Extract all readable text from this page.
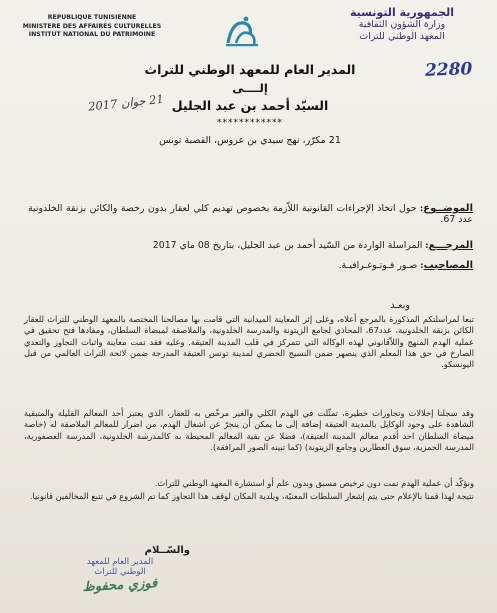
REPUBLIQUE TUNISIENNE
MINISTERE DES AFFAIRES CULTURELLES
INSTITUT NATIONAL DU PATRIMOINE
الجمهورية التونسية
وزارة الشؤون الثقافية
المعهد الوطني للتراث
2280
21 جوان 2017
المدير العام للمعهد الوطني للتراث
إلــــى
السيّد أحمد بن عبد الجليل
************
21 مكرّر، نهج سيدي بن عروس، القصبة تونس
الموضــوع: حول اتخاذ الإجراءات القانونية اللاّزمة بخصوص تهديم كلي لعقار بدون رخصة والكائن بزنقة الخلدونية عدد 67.
المرجـــع: المراسلة الواردة من السّيد أحمد بن عبد الجليل، بتاريخ 08 ماي 2017
المصاحيب: صـور فـوتـوغـرافيـة.
وبعـد
تبعا لمراسلتكم المذكورة بالمرجع أعلاه، وعلى إثر المعاينة الميدانية التي قامت بها مصالحنا المختصة بالمعهد الوطني للتراث للعقار الكائن بزنقة الخلدونية، عدد67، المحاذي لجامع الزيتونة والمدرسة الخلدونية، والملاصقة لميضاة السلطان، ومفادها فتح تحقيق في عملية الهدم المنهج واللاّقانوني لهذه الوكالة التي تتمركز في قلب المدينة العتيقة. وعليه فقد تمت معاينة واثبات التجاوز والتعدي الصارخ في حق هذا المعلم الذي ينصهر ضمن النسيج الحضري لمدينة تونس العتيقة المدرجة ضمن لائحة التراث العالمي من قبل اليونسكو.
وقد سجلنا إخلالات وتجاوزات خطيرة، تمثّلت في الهدم الكلي والغير مرخّص به للعقار، الذي يعتبر أحد المعالم القليلة والمتبقية الشاهدة على وجود الوكايل بالمدينة العتيقة إضافة إلى ما يمكن أن ينجرّ عن اشغال الهدم، من اضرار للمعالم الملاصقة له (خاصة ميضاة السلطان احد أقدم معالم المدينة العتيقة)، فضلا عن بقية المعالم المحيطة به كالمدرسة الخلدونية، المدرسة العصفورية، المدرسة الحمزية، سوق العطارين وجامع الزيتونة) (كما تبينه الصور المرافقة).
ونؤكّد أن عملية الهدم تمت دون ترخيص مسبق وبدون علم أو استشارة المعهد الوطني للتراث.
نتيجة لهذا قمنا بالإعلام حتى يتم إشعار السلطات المعنيّة، وبلدية المكان لوقف هذا التجاوز كما تم الشروع في تتبع المخالفين قانونيا.
والسّــلام
المدير العام للمعهد
الوطني للتراث
فوزي محفوظ
